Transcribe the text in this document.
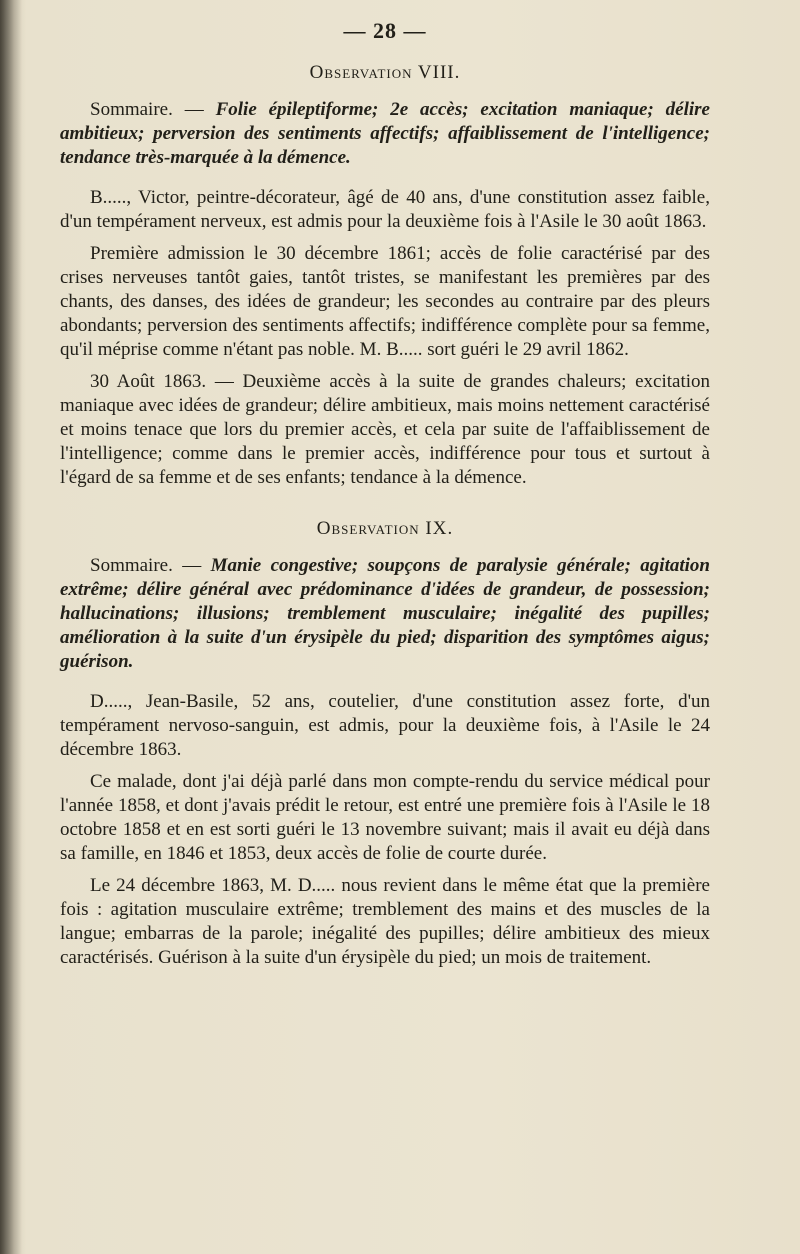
— 28 —
Observation VIII.

Sommaire. — Folie épileptiforme; 2e accès; excitation maniaque; délire ambitieux; perversion des sentiments affectifs; affaiblissement de l'intelligence; tendance très-marquée à la démence.

B....., Victor, peintre-décorateur, âgé de 40 ans, d'une constitution assez faible, d'un tempérament nerveux, est admis pour la deuxième fois à l'Asile le 30 août 1863.

Première admission le 30 décembre 1861; accès de folie caractérisé par des crises nerveuses tantôt gaies, tantôt tristes, se manifestant les premières par des chants, des danses, des idées de grandeur; les secondes au contraire par des pleurs abondants; perversion des sentiments affectifs; indifférence complète pour sa femme, qu'il méprise comme n'étant pas noble. M. B..... sort guéri le 29 avril 1862.

30 Août 1863. — Deuxième accès à la suite de grandes chaleurs; excitation maniaque avec idées de grandeur; délire ambitieux, mais moins nettement caractérisé et moins tenace que lors du premier accès, et cela par suite de l'affaiblissement de l'intelligence; comme dans le premier accès, indifférence pour tous et surtout à l'égard de sa femme et de ses enfants; tendance à la démence.

Observation IX.

Sommaire. — Manie congestive; soupçons de paralysie générale; agitation extrême; délire général avec prédominance d'idées de grandeur, de possession; hallucinations; illusions; tremblement musculaire; inégalité des pupilles; amélioration à la suite d'un érysipèle du pied; disparition des symptômes aigus; guérison.

D....., Jean-Basile, 52 ans, coutelier, d'une constitution assez forte, d'un tempérament nervoso-sanguin, est admis, pour la deuxième fois, à l'Asile le 24 décembre 1863.

Ce malade, dont j'ai déjà parlé dans mon compte-rendu du service médical pour l'année 1858, et dont j'avais prédit le retour, est entré une première fois à l'Asile le 18 octobre 1858 et en est sorti guéri le 13 novembre suivant; mais il avait eu déjà dans sa famille, en 1846 et 1853, deux accès de folie de courte durée.

Le 24 décembre 1863, M. D..... nous revient dans le même état que la première fois : agitation musculaire extrême; tremblement des mains et des muscles de la langue; embarras de la parole; inégalité des pupilles; délire ambitieux des mieux caractérisés. Guérison à la suite d'un érysipèle du pied; un mois de traitement.
